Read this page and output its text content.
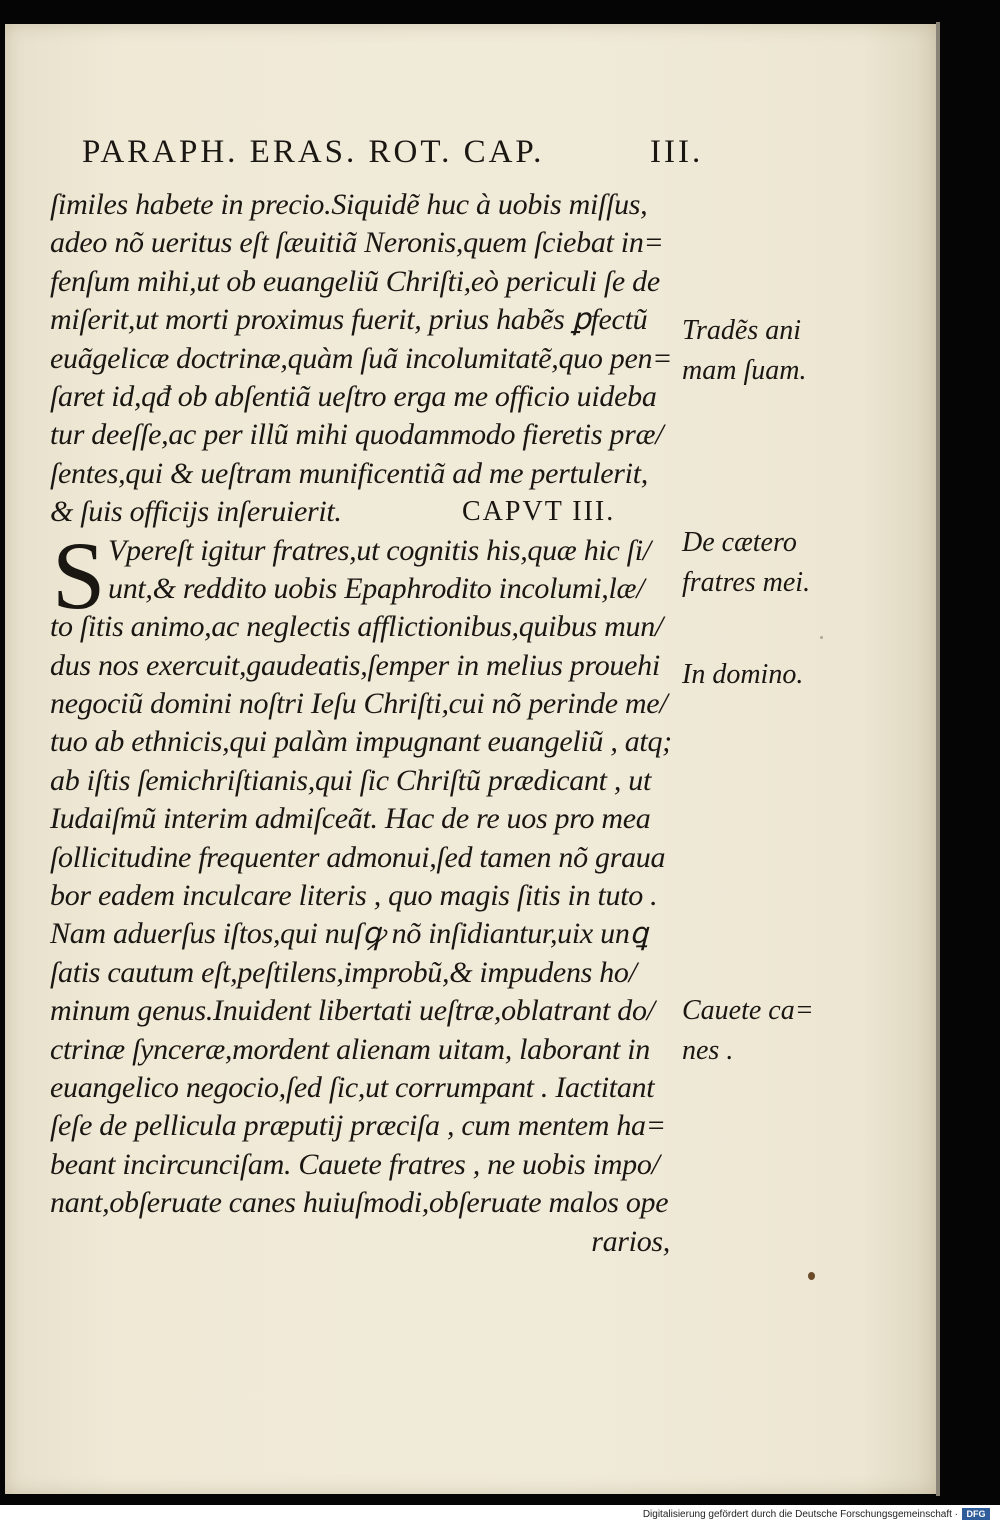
PARAPH. ERAS. ROT. CAP.	III.
ſimiles habete in precio.Siquidẽ huc à uobis miſſus,
adeo nõ ueritus eſt ſæuitiã Neronis,quem ſciebat in=
fenſum mihi,ut ob euangeliũ Chriſti,eò periculi ſe de
miſerit,ut morti proximus fuerit, prius habẽs ꝑfectũ
euãgelicæ doctrinæ,quàm ſuã incolumitatẽ,quo pen=
ſaret id,qđ ob abſentiã ueſtro erga me officio uideba
tur deeſſe,ac per illũ mihi quodammodo fieretis præ/
ſentes,qui & ueſtram munificentiã ad me pertulerit,
& ſuis officijs inſeruierit.	CAPVT III.
Vpereſt igitur fratres,ut cognitis his,quæ hic ſi/
unt,& reddito uobis Epaphrodito incolumi,læ/
to ſitis animo,ac neglectis afflictionibus,quibus mun/
dus nos exercuit,gaudeatis,ſemper in melius prouehi
negociũ domini noſtri Ieſu Chriſti,cui nõ perinde me/
tuo ab ethnicis,qui palàm impugnant euangeliũ , atq;
ab iſtis ſemichriſtianis,qui ſic Chriſtũ prædicant , ut
Iudaiſmũ interim admiſceãt. Hac de re uos pro mea
ſollicitudine frequenter admonui,ſed tamen nõ graua
bor eadem inculcare literis , quo magis ſitis in tuto .
Nam aduerſus iſtos,qui nuſꝙ nõ inſidiantur,uix unꝗ
ſatis cautum eſt,peſtilens,improbũ,& impudens ho/
minum genus.Inuident libertati ueſtræ,oblatrant do/
ctrinæ ſynceræ,mordent alienam uitam, laborant in
euangelico negocio,ſed ſic,ut corrumpant . Iactitant
ſeſe de pellicula præputij præciſa , cum mentem ha=
beant incircunciſam. Cauete fratres , ne uobis impo/
nant,obſeruate canes huiuſmodi,obſeruate malos ope
rarios,
S
Tradẽs ani
mam ſuam.
De cætero
fratres mei.
In domino.
Cauete ca=
nes .
Digitalisierung gefördert durch die Deutsche Forschungsgemeinschaft · DFG
